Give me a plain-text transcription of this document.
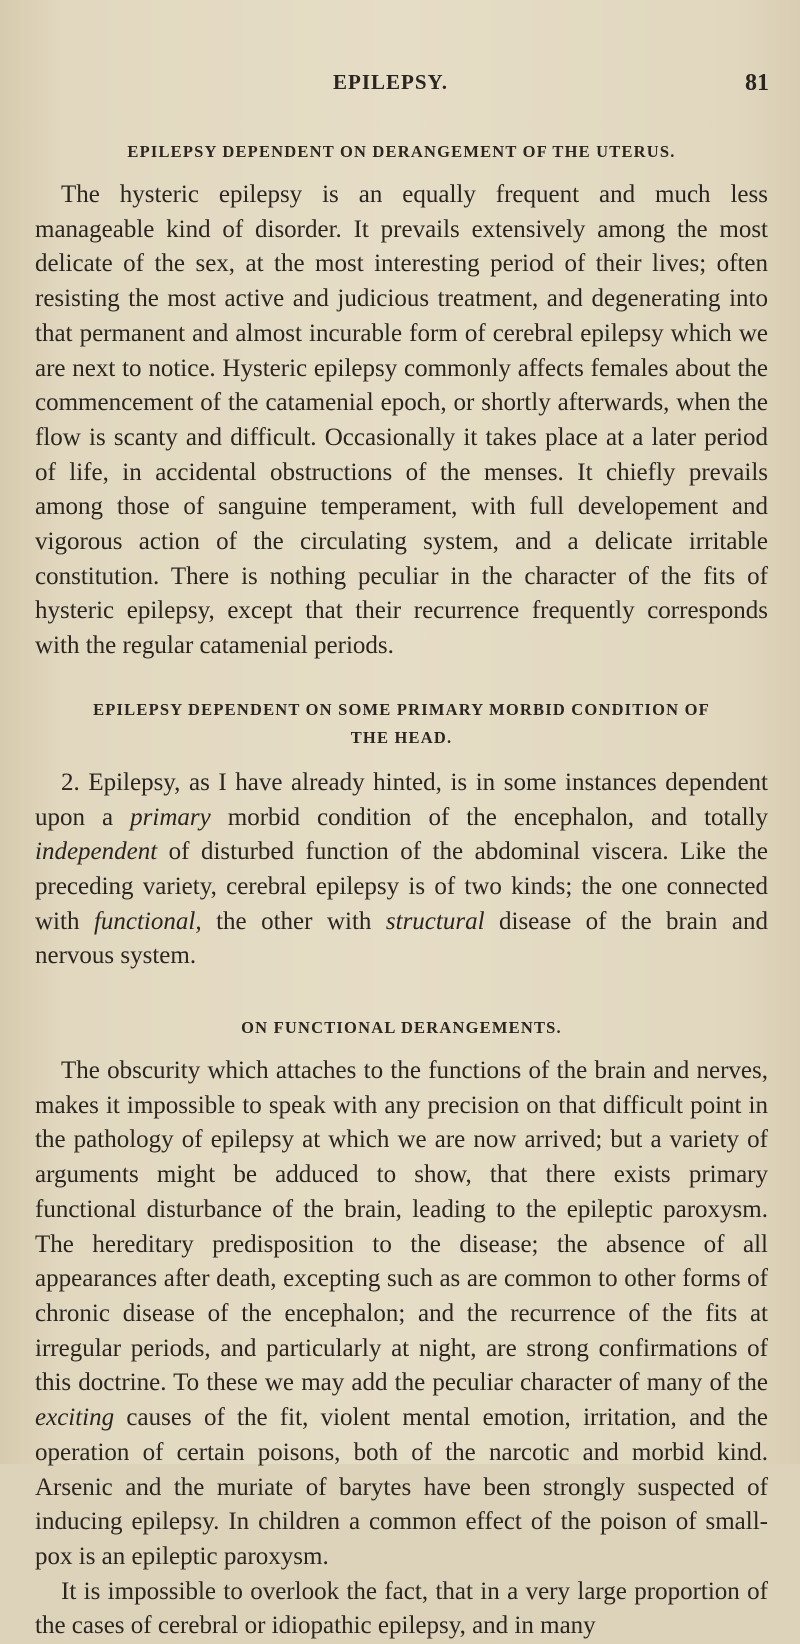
EPILEPSY.	81
EPILEPSY DEPENDENT ON DERANGEMENT OF THE UTERUS.

The hysteric epilepsy is an equally frequent and much less manageable kind of disorder. It prevails extensively among the most delicate of the sex, at the most interesting period of their lives; often resisting the most active and judicious treatment, and degenerating into that permanent and almost incurable form of cerebral epilepsy which we are next to notice. Hysteric epilepsy commonly affects females about the commencement of the catamenial epoch, or shortly afterwards, when the flow is scanty and difficult. Occasionally it takes place at a later period of life, in accidental obstructions of the menses. It chiefly prevails among those of sanguine temperament, with full developement and vigorous action of the circulating system, and a delicate irritable constitution. There is nothing peculiar in the character of the fits of hysteric epilepsy, except that their recurrence frequently corresponds with the regular catamenial periods.

EPILEPSY DEPENDENT ON SOME PRIMARY MORBID CONDITION OF
THE HEAD.

2. Epilepsy, as I have already hinted, is in some instances dependent upon a primary morbid condition of the encephalon, and totally independent of disturbed function of the abdominal viscera. Like the preceding variety, cerebral epilepsy is of two kinds; the one connected with functional, the other with structural disease of the brain and nervous system.

ON FUNCTIONAL DERANGEMENTS.

The obscurity which attaches to the functions of the brain and nerves, makes it impossible to speak with any precision on that difficult point in the pathology of epilepsy at which we are now arrived; but a variety of arguments might be adduced to show, that there exists primary functional disturbance of the brain, leading to the epileptic paroxysm. The hereditary predisposition to the disease; the absence of all appearances after death, excepting such as are common to other forms of chronic disease of the encephalon; and the recurrence of the fits at irregular periods, and particularly at night, are strong confirmations of this doctrine. To these we may add the peculiar character of many of the exciting causes of the fit, violent mental emotion, irritation, and the operation of certain poisons, both of the narcotic and morbid kind. Arsenic and the muriate of barytes have been strongly suspected of inducing epilepsy. In children a common effect of the poison of small-pox is an epileptic paroxysm.

It is impossible to overlook the fact, that in a very large proportion of the cases of cerebral or idiopathic epilepsy, and in many
